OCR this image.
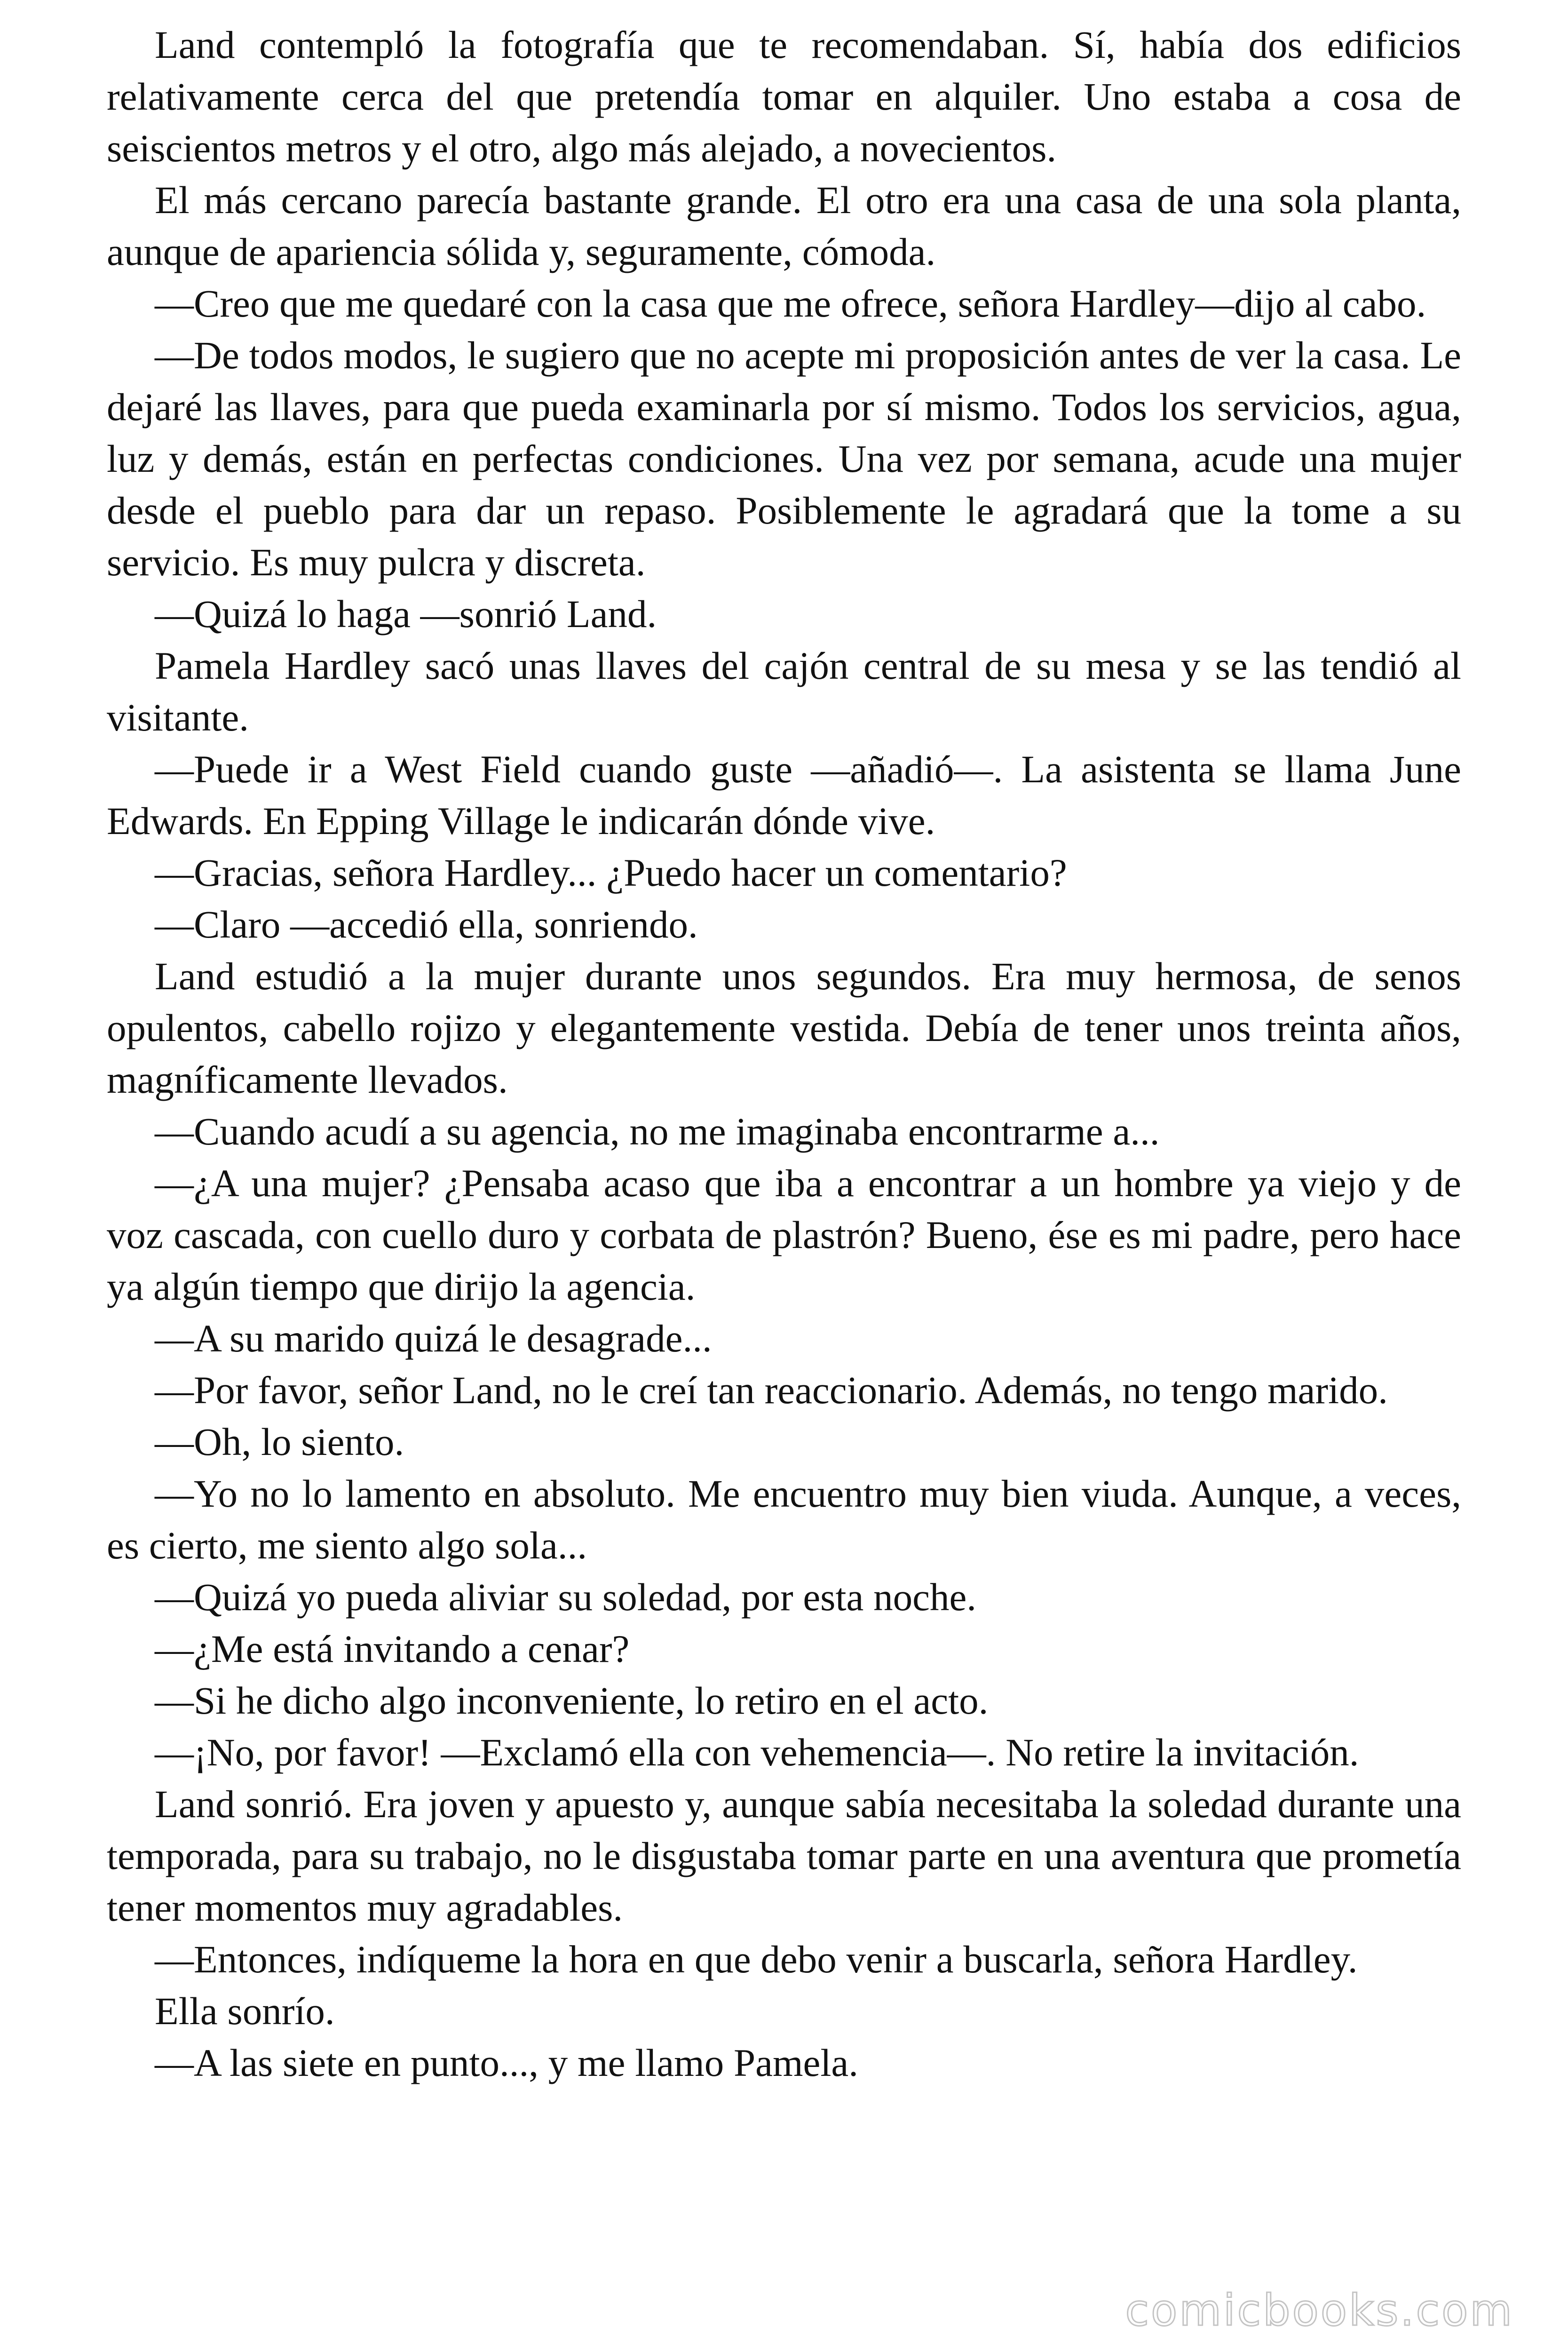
Land contempló la fotografía que te recomendaban. Sí, había dos edificios relativamente cerca del que pretendía tomar en alquiler. Uno estaba a cosa de seiscientos metros y el otro, algo más alejado, a novecientos.

El más cercano parecía bastante grande. El otro era una casa de una sola planta, aunque de apariencia sólida y, seguramente, cómoda.

—Creo que me quedaré con la casa que me ofrece, señora Hardley—dijo al cabo.

—De todos modos, le sugiero que no acepte mi proposición antes de ver la casa. Le dejaré las llaves, para que pueda examinarla por sí mismo. Todos los servicios, agua, luz y demás, están en perfectas condiciones. Una vez por semana, acude una mujer desde el pueblo para dar un repaso. Posiblemente le agradará que la tome a su servicio. Es muy pulcra y discreta.

—Quizá lo haga —sonrió Land.

Pamela Hardley sacó unas llaves del cajón central de su mesa y se las tendió al visitante.

—Puede ir a West Field cuando guste —añadió—. La asistenta se llama June Edwards. En Epping Village le indicarán dónde vive.

—Gracias, señora Hardley... ¿Puedo hacer un comentario?

—Claro —accedió ella, sonriendo.

Land estudió a la mujer durante unos segundos. Era muy hermosa, de senos opulentos, cabello rojizo y elegantemente vestida. Debía de tener unos treinta años, magníficamente llevados.

—Cuando acudí a su agencia, no me imaginaba encontrarme a...

—¿A una mujer? ¿Pensaba acaso que iba a encontrar a un hombre ya viejo y de voz cascada, con cuello duro y corbata de plastrón? Bueno, ése es mi padre, pero hace ya algún tiempo que dirijo la agencia.

—A su marido quizá le desagrade...

—Por favor, señor Land, no le creí tan reaccionario. Además, no tengo marido.

—Oh, lo siento.

—Yo no lo lamento en absoluto. Me encuentro muy bien viuda. Aunque, a veces, es cierto, me siento algo sola...

—Quizá yo pueda aliviar su soledad, por esta noche.

—¿Me está invitando a cenar?

—Si he dicho algo inconveniente, lo retiro en el acto.

—¡No, por favor! —Exclamó ella con vehemencia—. No retire la invitación.

Land sonrió. Era joven y apuesto y, aunque sabía necesitaba la soledad durante una temporada, para su trabajo, no le disgustaba tomar parte en una aventura que prometía tener momentos muy agradables.

—Entonces, indíqueme la hora en que debo venir a buscarla, señora Hardley.

Ella sonrío.

—A las siete en punto..., y me llamo Pamela.

comicbooks.com
